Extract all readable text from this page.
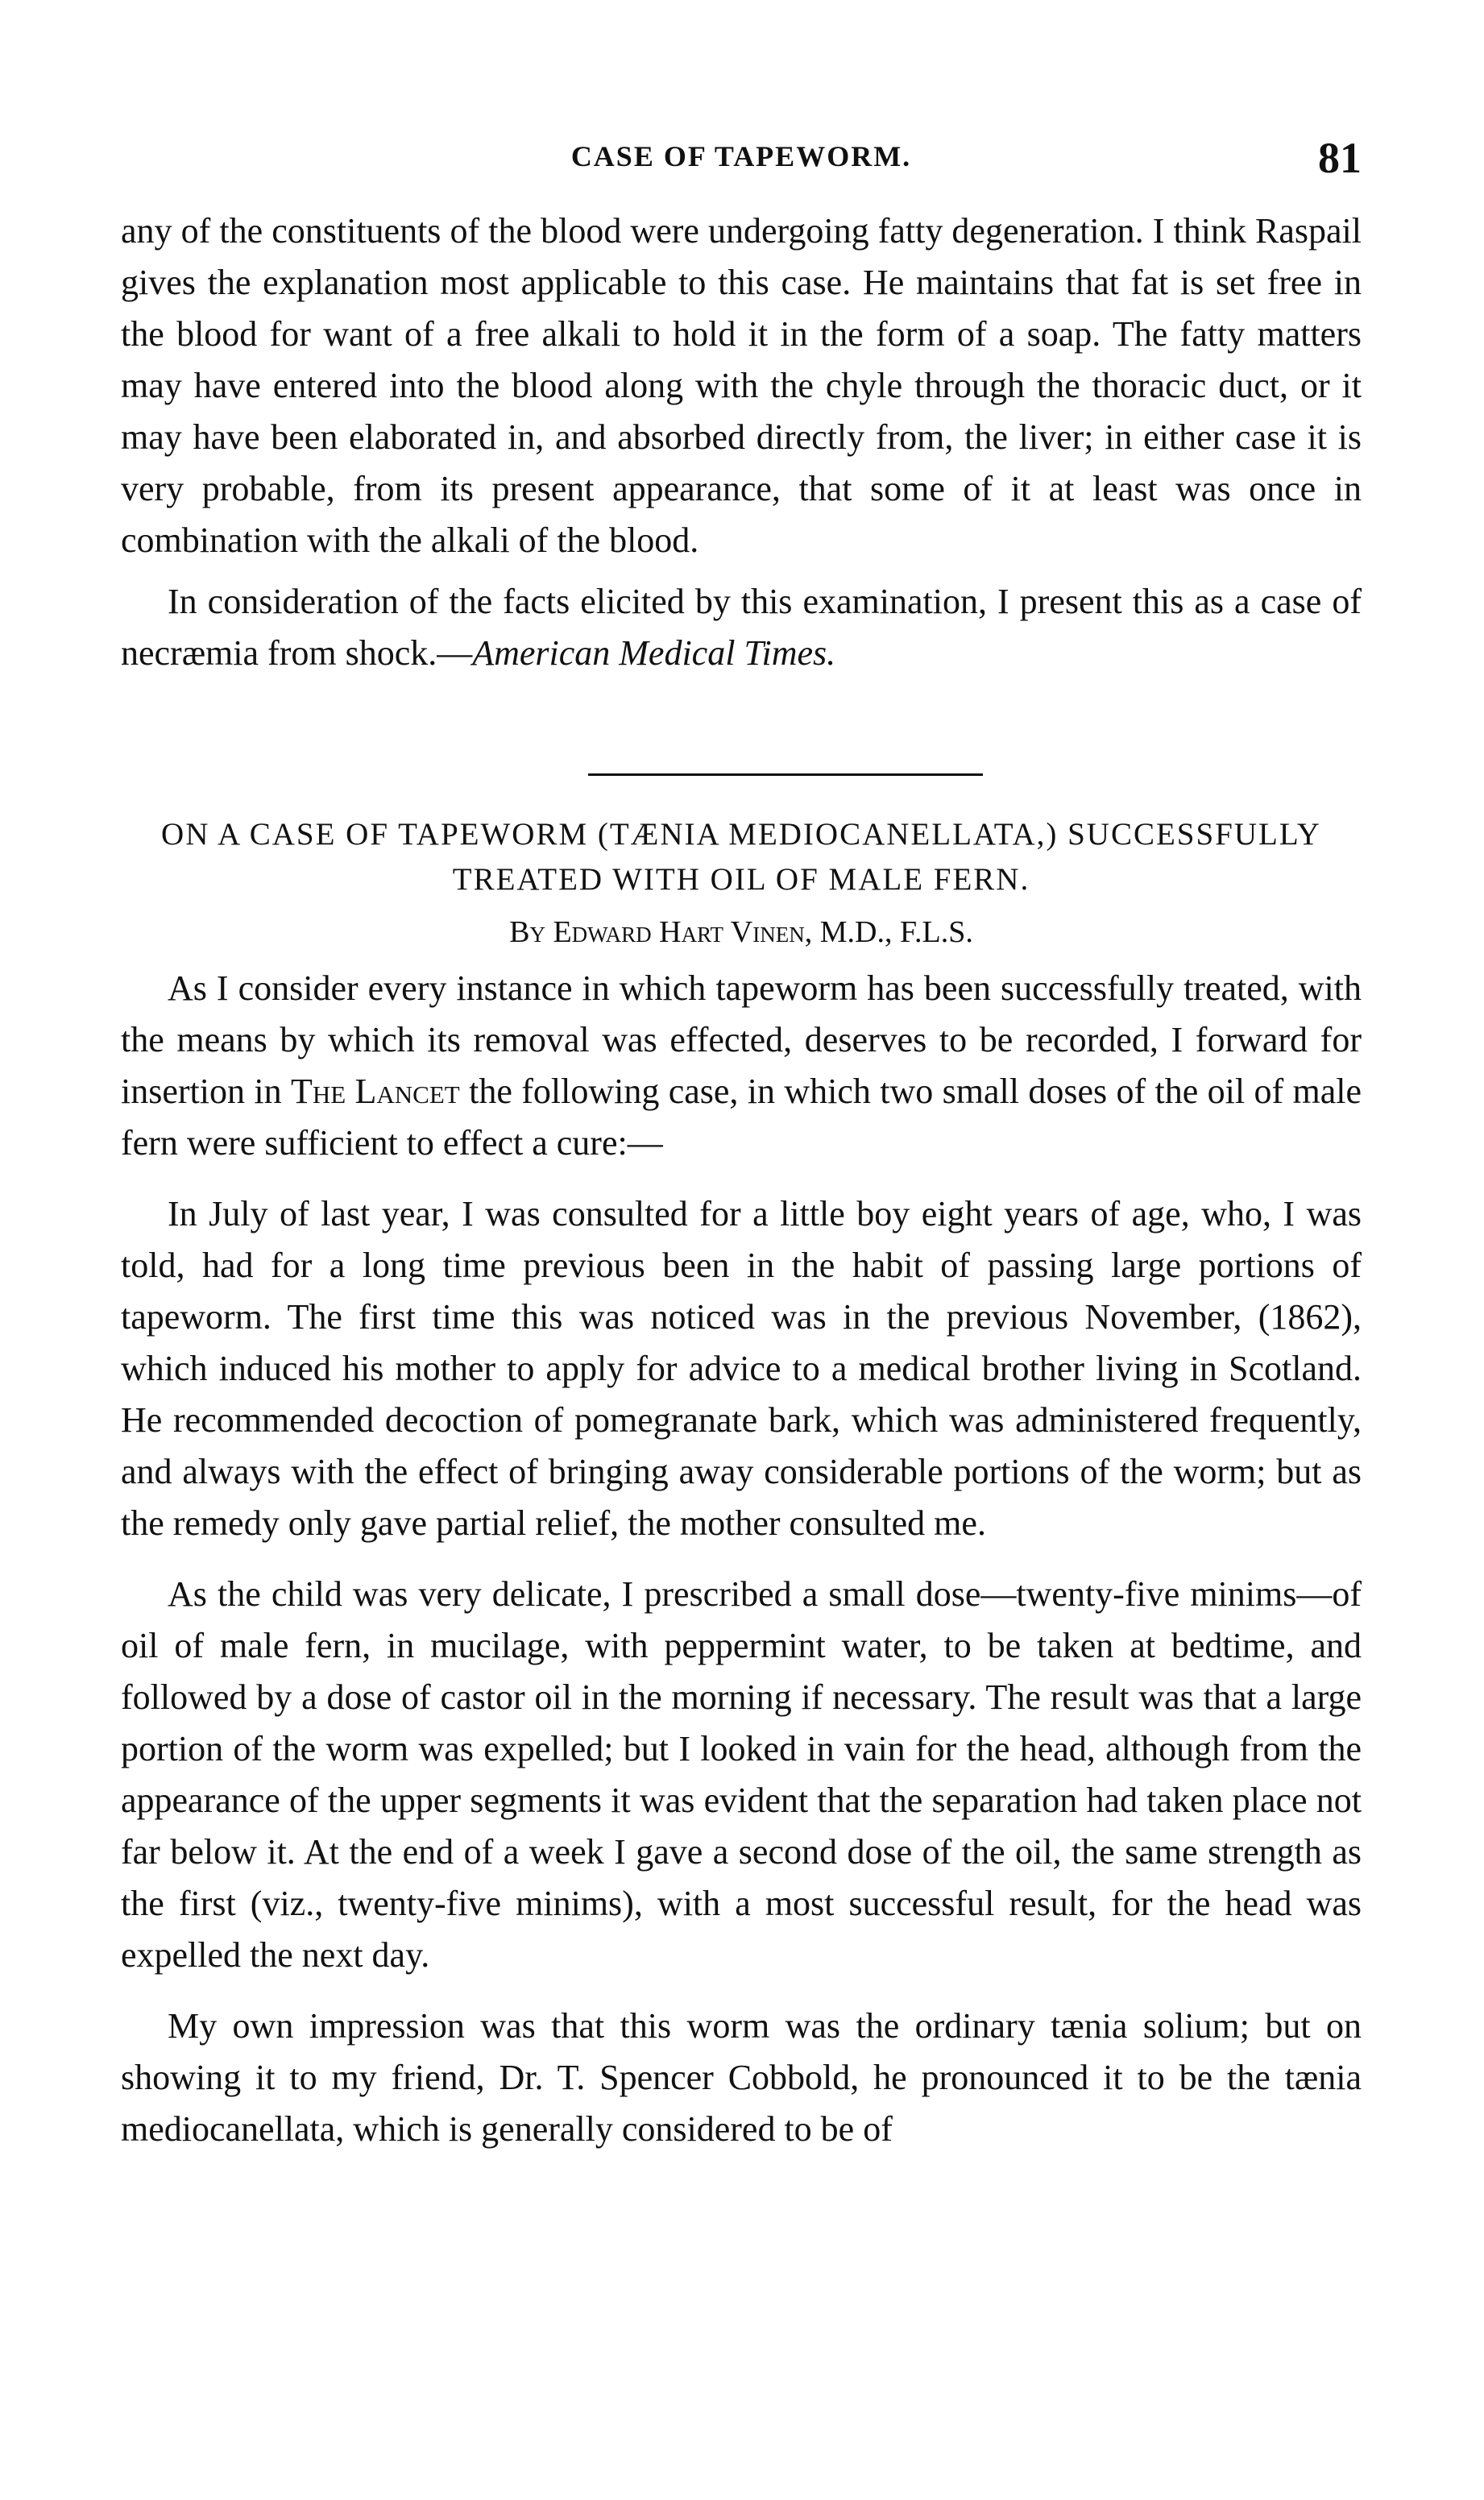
CASE OF TAPEWORM.	81

any of the constituents of the blood were undergoing fatty degeneration. I think Raspail gives the explanation most applicable to this case. He maintains that fat is set free in the blood for want of a free alkali to hold it in the form of a soap. The fatty matters may have entered into the blood along with the chyle through the thoracic duct, or it may have been elaborated in, and absorbed directly from, the liver; in either case it is very probable, from its present appearance, that some of it at least was once in combination with the alkali of the blood.

In consideration of the facts elicited by this examination, I present this as a case of necræmia from shock.—American Medical Times.

ON A CASE OF TAPEWORM (TÆNIA MEDIOCANELLATA,) SUCCESSFULLY TREATED WITH OIL OF MALE FERN.
By Edward Hart Vinen, M.D., F.L.S.

As I consider every instance in which tapeworm has been successfully treated, with the means by which its removal was effected, deserves to be recorded, I forward for insertion in The Lancet the following case, in which two small doses of the oil of male fern were sufficient to effect a cure:—

In July of last year, I was consulted for a little boy eight years of age, who, I was told, had for a long time previous been in the habit of passing large portions of tapeworm. The first time this was noticed was in the previous November, (1862), which induced his mother to apply for advice to a medical brother living in Scotland. He recommended decoction of pomegranate bark, which was administered frequently, and always with the effect of bringing away considerable portions of the worm; but as the remedy only gave partial relief, the mother consulted me.

As the child was very delicate, I prescribed a small dose—twenty-five minims—of oil of male fern, in mucilage, with peppermint water, to be taken at bedtime, and followed by a dose of castor oil in the morning if necessary. The result was that a large portion of the worm was expelled; but I looked in vain for the head, although from the appearance of the upper segments it was evident that the separation had taken place not far below it. At the end of a week I gave a second dose of the oil, the same strength as the first (viz., twenty-five minims), with a most successful result, for the head was expelled the next day.

My own impression was that this worm was the ordinary tænia solium; but on showing it to my friend, Dr. T. Spencer Cobbold, he pronounced it to be the tænia mediocanellata, which is generally considered to be of
